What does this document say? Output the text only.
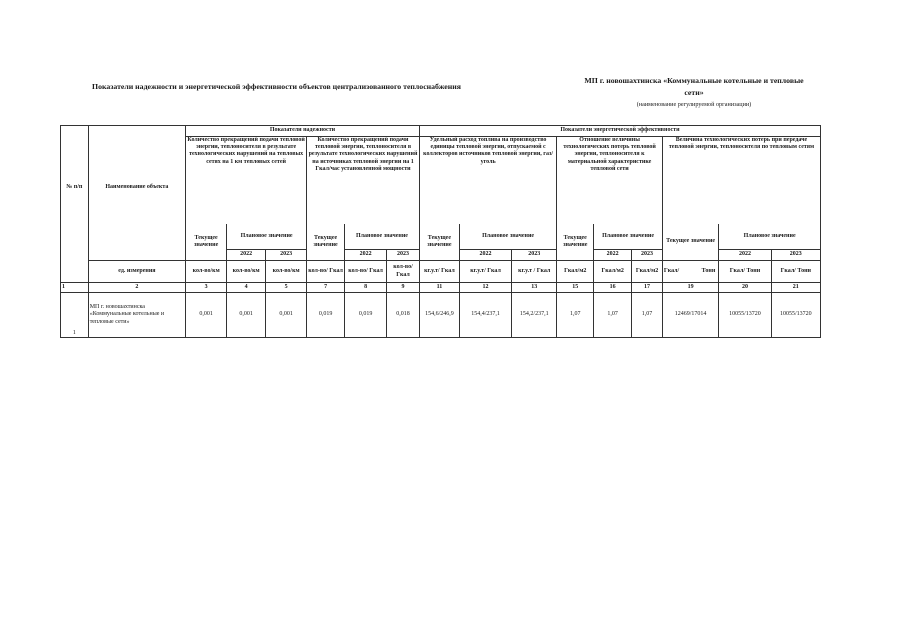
Показатели надежности и энергетической эффективности объектов централизованного теплоснабжения
МП г. новошахтинска «Коммунальные котельные и тепловые сети»
(наименование регулируемой организации)
№ п/п	Наименование объекта	Показатели надежности						Показатели энергетической эффективности								
		Количество прекращений подачи тепловой энергии, теплоносителя в результате технологических нарушений на тепловых сетях на 1 км тепловых сетей			Количество прекращений подачи тепловой энергии, теплоносителя в результате технологических нарушений на источниках тепловой энергии на 1 Гкал/час установленной мощности			Удельный расход топлива на производство единицы тепловой энергии, отпускаемой с коллекторов источников тепловой энергии, газ/уголь			Отношение величины технологических потерь тепловой энергии, теплоносителя к материальной характеристике тепловой сети			Величина технологических потерь при передаче тепловой энергии, теплоносителя по тепловым сетям		
		Текущее значение	Плановое значение		Текущее значение	Плановое значение		Текущее значение	Плановое значение		Текущее значение	Плановое значение		Текущее значение	Плановое значение	
			2022	2023		2022	2023		2022	2023		2022	2023		2022	2023
	ед. измерения	кол-во/км	кол-во/км	кол-во/км	кол-во/ Гкал	кол-во/ Гкал	кол-во/ Гкал	кг.у.т/ Гкал	кг.у.т/ Гкал	кг.у.т / Гкал	Гкал/м2	Гкал/м2	Гкал/м2	Гкал/ Тонн	Гкал/ Тонн	Гкал/ Тонн
1	2	3	4	5	7	8	9	11	12	13	15	16	17	19	20	21
1	МП г. новошахтинска «Коммунальные котельные и тепловые сети»	0,001	0,001	0,001	0,019	0,019	0,018	154,6/246,9	154,4/237,1	154,2/237,1	1,07	1,07	1,07	12469/17014	10055/13720	10055/13720
